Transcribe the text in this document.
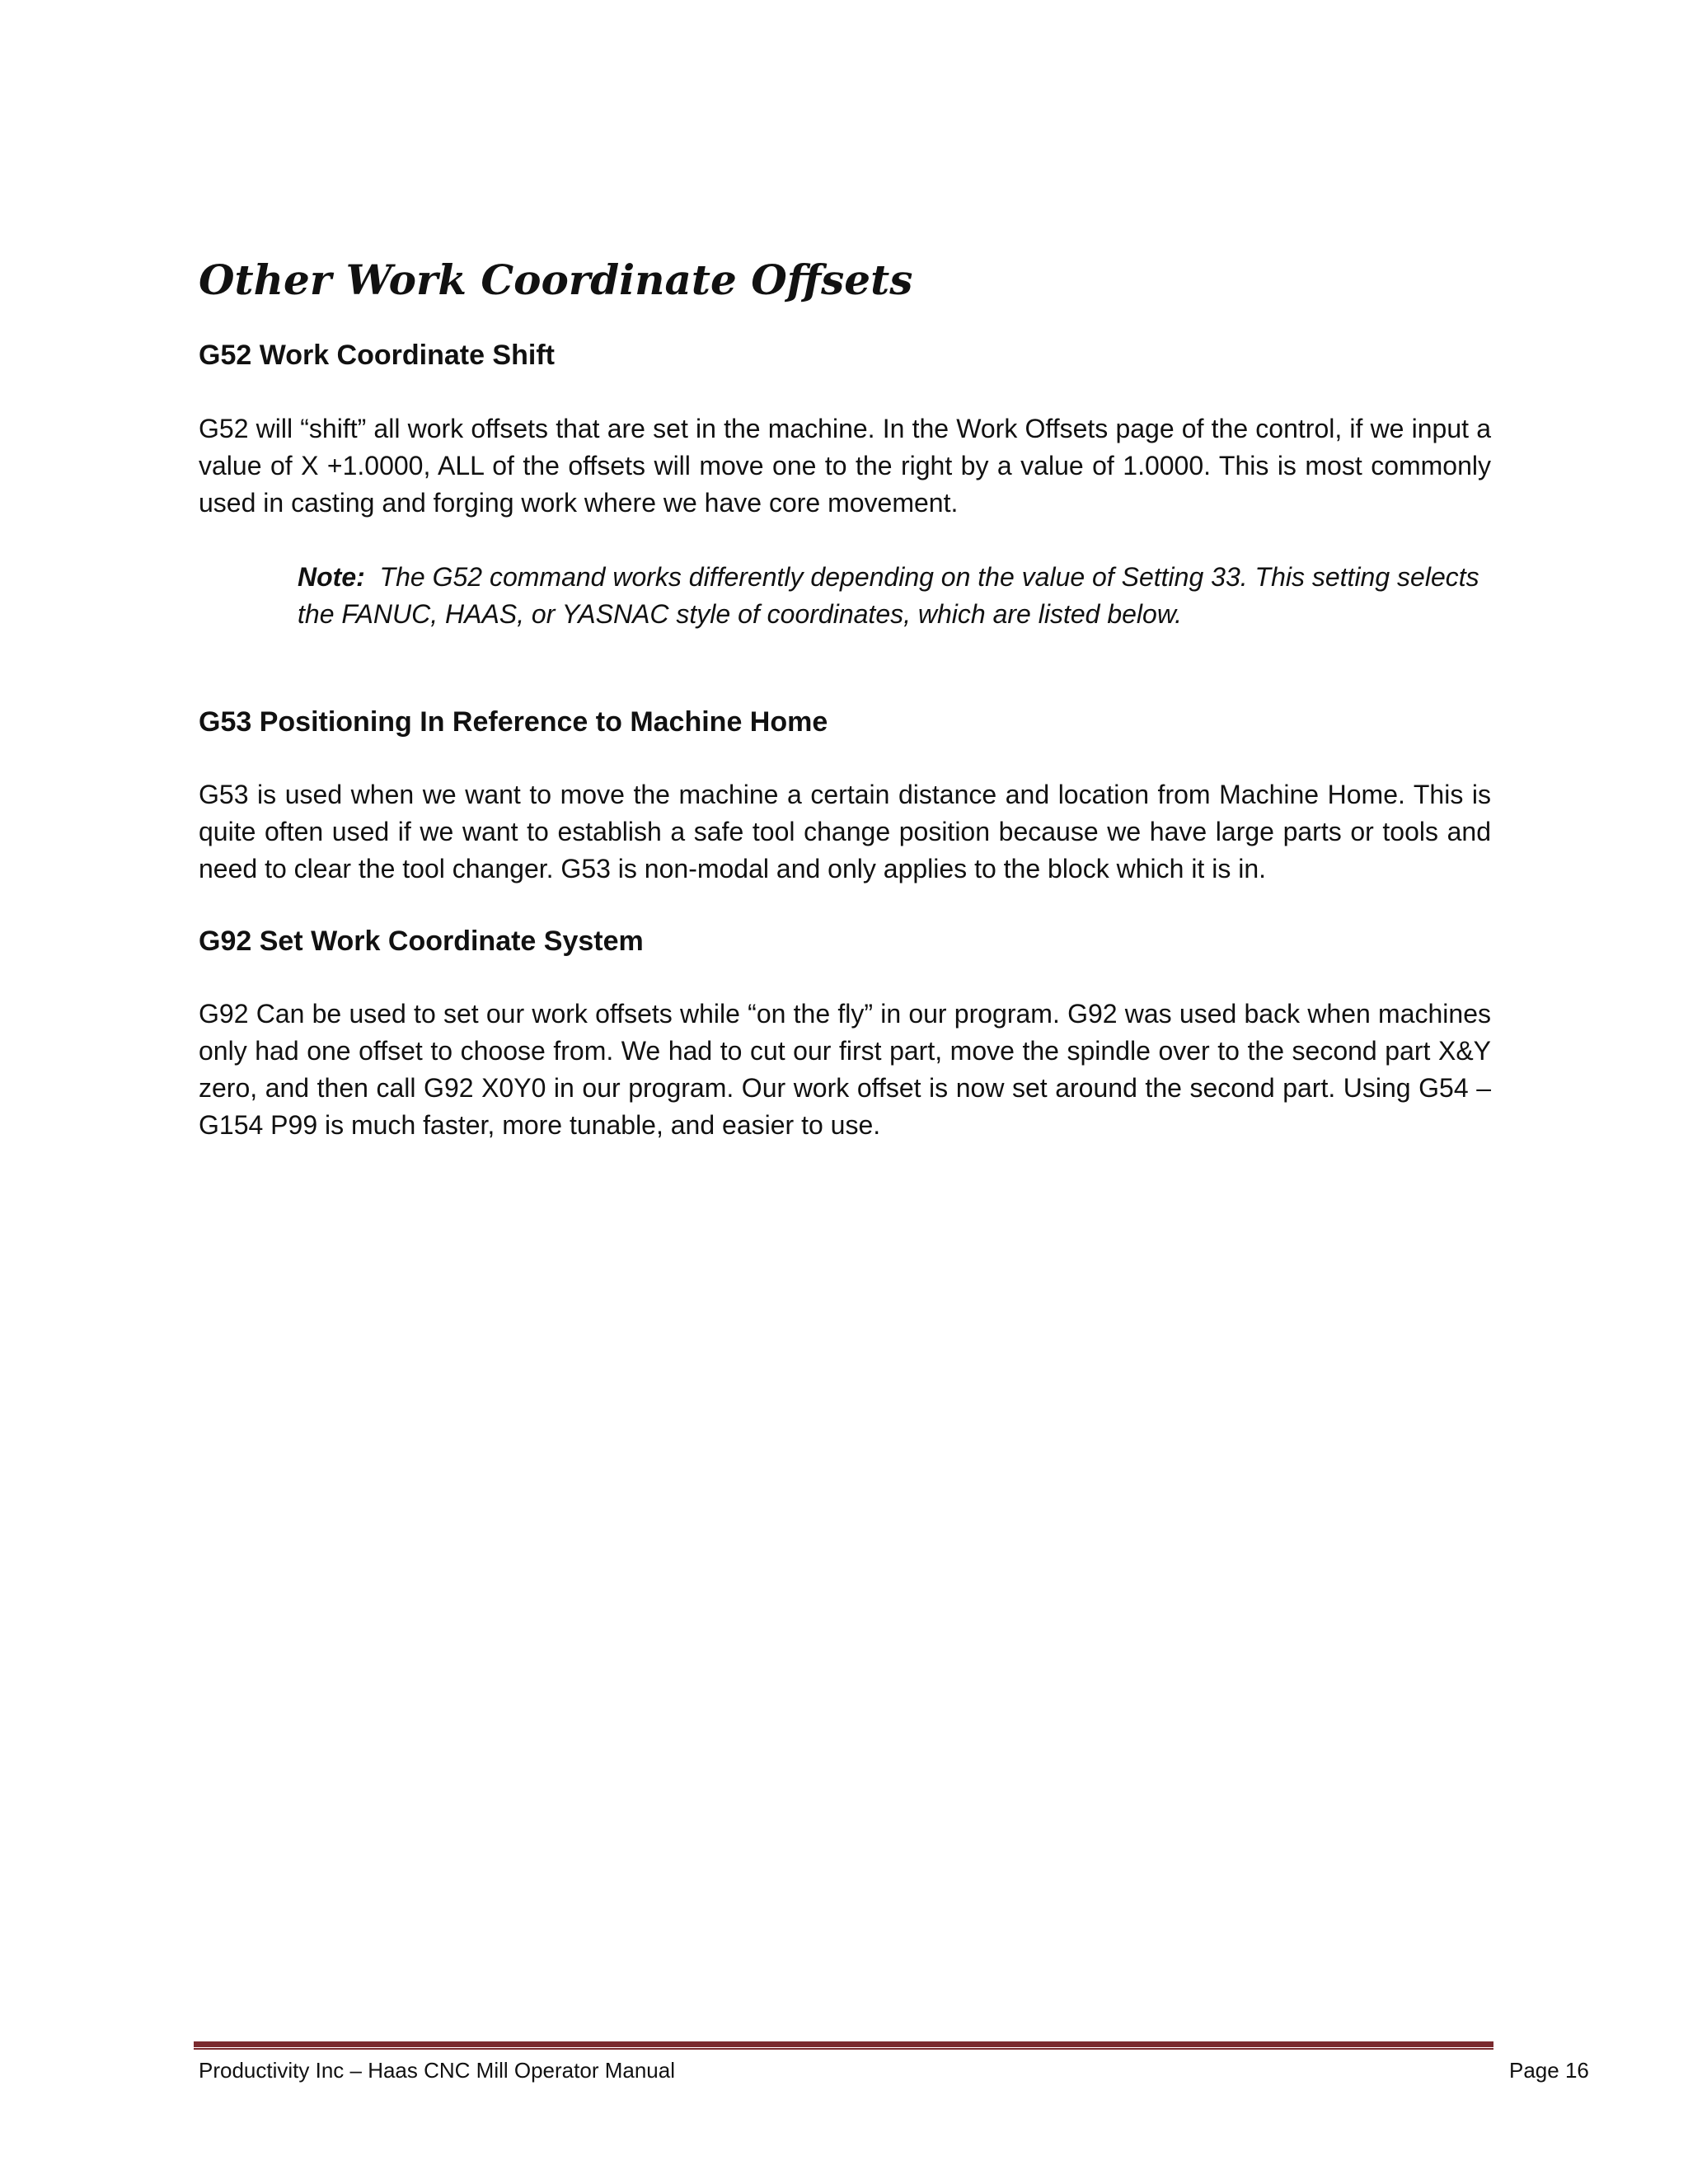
Other Work Coordinate Offsets
G52 Work Coordinate Shift

G52 will “shift” all work offsets that are set in the machine. In the Work Offsets page of the control, if we input a value of X +1.0000, ALL of the offsets will move one to the right by a value of 1.0000. This is most commonly used in casting and forging work where we have core movement.

Note: The G52 command works differently depending on the value of Setting 33. This setting selects the FANUC, HAAS, or YASNAC style of coordinates, which are listed below.

G53 Positioning In Reference to Machine Home

G53 is used when we want to move the machine a certain distance and location from Machine Home. This is quite often used if we want to establish a safe tool change position because we have large parts or tools and need to clear the tool changer. G53 is non-modal and only applies to the block which it is in.

G92 Set Work Coordinate System

G92 Can be used to set our work offsets while “on the fly” in our program. G92 was used back when machines only had one offset to choose from. We had to cut our first part, move the spindle over to the second part X&Y zero, and then call G92 X0Y0 in our program. Our work offset is now set around the second part. Using G54 – G154 P99 is much faster, more tunable, and easier to use.

Productivity Inc – Haas CNC Mill Operator Manual	Page 16
